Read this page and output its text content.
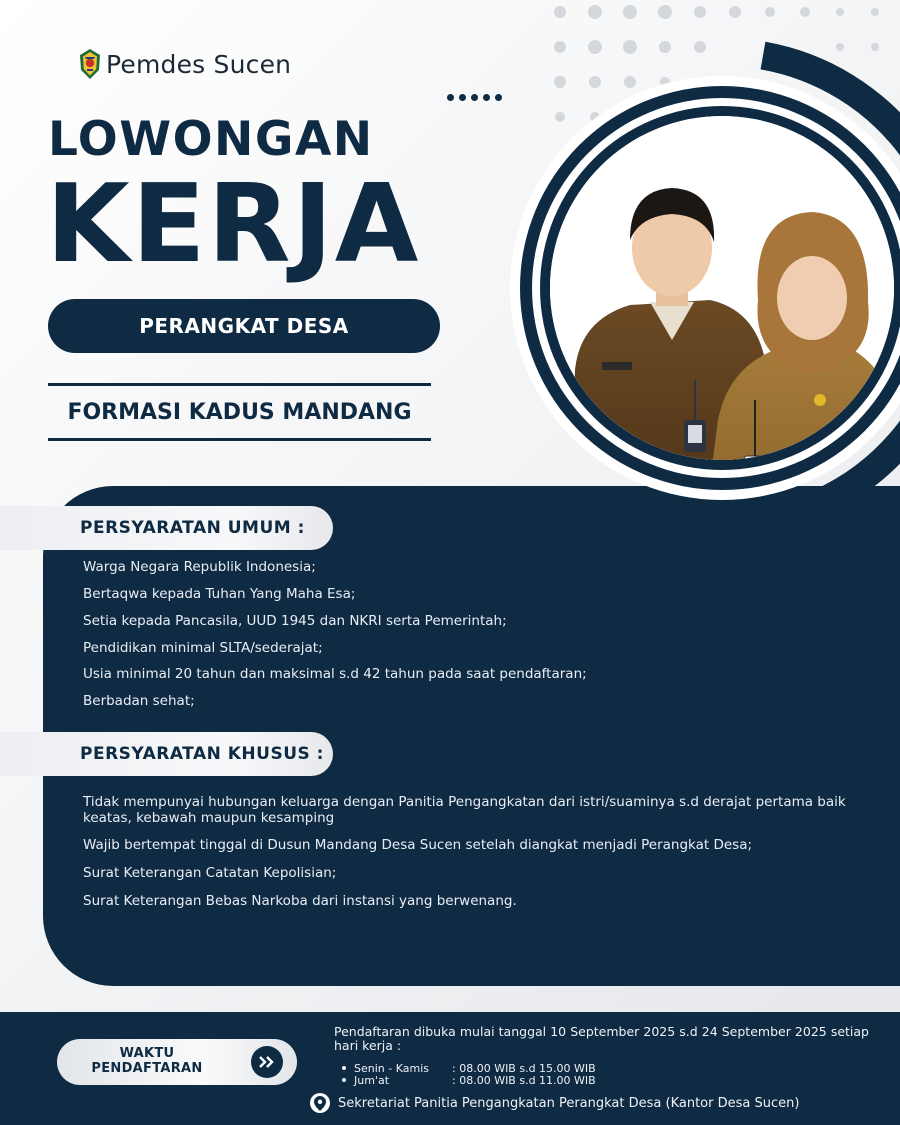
Pemdes Sucen
LOWONGAN
KERJA
PERANGKAT DESA
FORMASI KADUS MANDANG
PERSYARATAN UMUM :
Warga Negara Republik Indonesia;
Bertaqwa kepada Tuhan Yang Maha Esa;
Setia kepada Pancasila, UUD 1945 dan NKRI serta Pemerintah;
Pendidikan minimal SLTA/sederajat;
Usia minimal 20 tahun dan maksimal s.d 42 tahun pada saat pendaftaran;
Berbadan sehat;
PERSYARATAN KHUSUS :
Tidak mempunyai hubungan keluarga dengan Panitia Pengangkatan dari istri/suaminya s.d derajat pertama baik keatas, kebawah maupun kesamping
Wajib bertempat tinggal di Dusun Mandang Desa Sucen setelah diangkat menjadi Perangkat Desa;
Surat Keterangan Catatan Kepolisian;
Surat Keterangan Bebas Narkoba dari instansi yang berwenang.
WAKTU
PENDAFTARAN
Pendaftaran dibuka mulai tanggal 10 September 2025 s.d 24 September 2025 setiap hari kerja :
Senin - Kamis	: 08.00 WIB s.d 15.00 WIB
Jum'at	: 08.00 WIB s.d 11.00 WIB
Sekretariat Panitia Pengangkatan Perangkat Desa (Kantor Desa Sucen)
